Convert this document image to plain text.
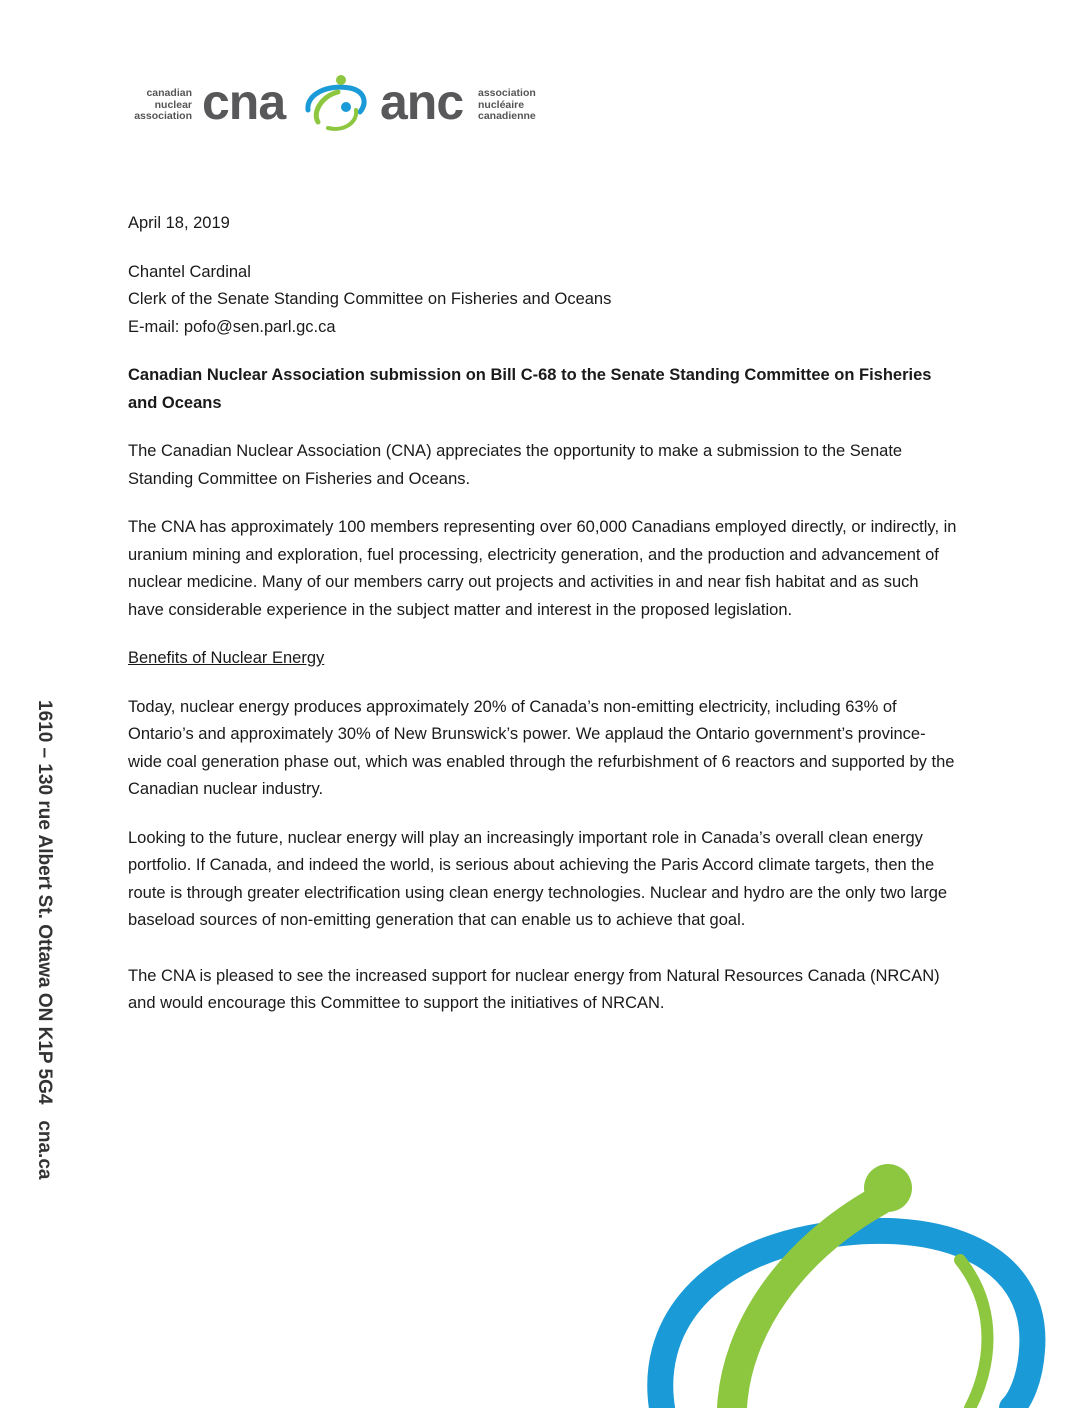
canadian
nuclear
association cna anc association
nucléaire
canadienne

April 18, 2019

Chantel Cardinal

Clerk of the Senate Standing Committee on Fisheries and Oceans

E-mail: pofo@sen.parl.gc.ca

Canadian Nuclear Association submission on Bill C-68 to the Senate Standing Committee on Fisheries and Oceans

The Canadian Nuclear Association (CNA) appreciates the opportunity to make a submission to the Senate Standing Committee on Fisheries and Oceans.

The CNA has approximately 100 members representing over 60,000 Canadians employed directly, or indirectly, in uranium mining and exploration, fuel processing, electricity generation, and the production and advancement of nuclear medicine. Many of our members carry out projects and activities in and near fish habitat and as such have considerable experience in the subject matter and interest in the proposed legislation.

Benefits of Nuclear Energy

Today, nuclear energy produces approximately 20% of Canada’s non-emitting electricity, including 63% of Ontario’s and approximately 30% of New Brunswick’s power. We applaud the Ontario government’s province-wide coal generation phase out, which was enabled through the refurbishment of 6 reactors and supported by the Canadian nuclear industry.

Looking to the future, nuclear energy will play an increasingly important role in Canada’s overall clean energy portfolio. If Canada, and indeed the world, is serious about achieving the Paris Accord climate targets, then the route is through greater electrification using clean energy technologies. Nuclear and hydro are the only two large baseload sources of non-emitting generation that can enable us to achieve that goal.

The CNA is pleased to see the increased support for nuclear energy from Natural Resources Canada (NRCAN) and would encourage this Committee to support the initiatives of NRCAN.

1610 – 130 rue Albert St. Ottawa ON K1P 5G4   cna.ca
